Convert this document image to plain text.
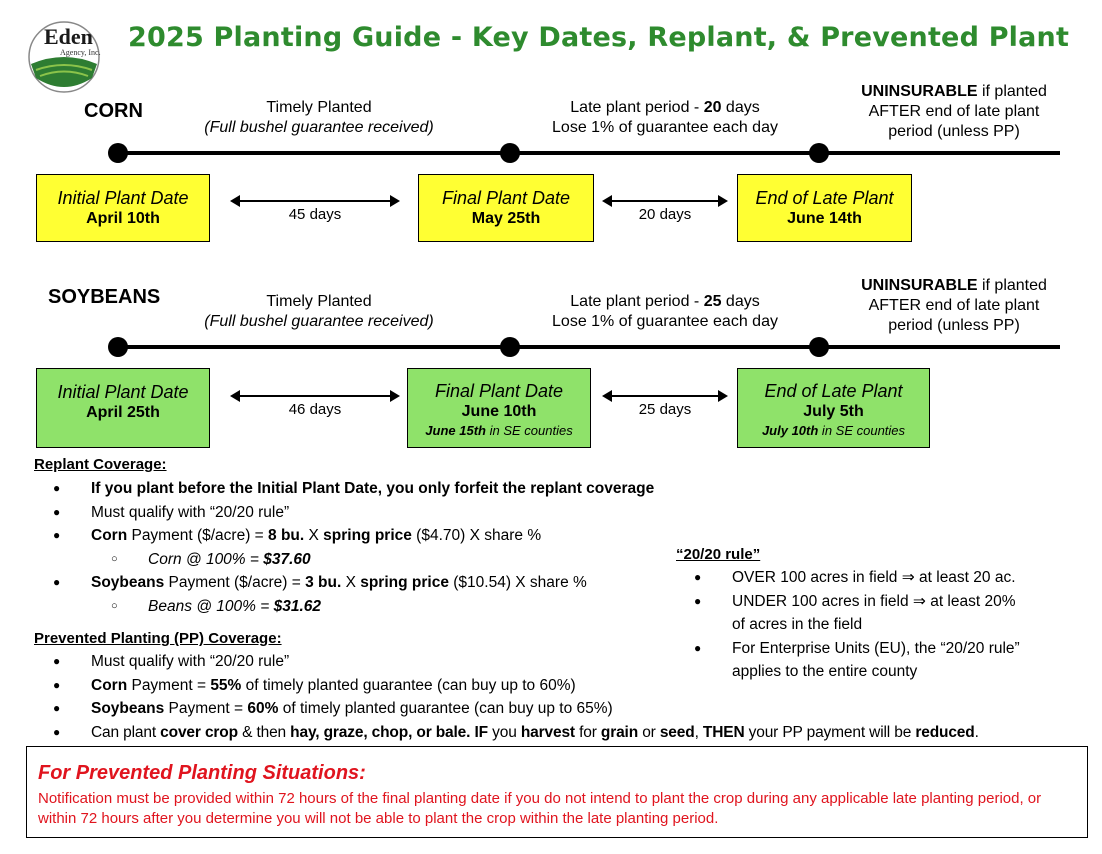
Eden
Agency, Inc. 2025 Planting Guide - Key Dates, Replant, & Prevented Plant
CORN	Timely Planted
(Full bushel guarantee received)
Late plant period - 20 days
Lose 1% of guarantee each day
UNINSURABLE if planted
AFTER end of late plant
period (unless PP)
Initial Plant Date
April 10th
Final Plant Date
May 25th
End of Late Plant
June 14th
45 days	20 days
SOYBEANS	Timely Planted
(Full bushel guarantee received)
Late plant period - 25 days
Lose 1% of guarantee each day
UNINSURABLE if planted
AFTER end of late plant
period (unless PP)
Initial Plant Date
April 25th
Final Plant Date
June 10th
June 15th in SE counties
End of Late Plant
July 5th
July 10th in SE counties
46 days	25 days
Replant Coverage:
● If you plant before the Initial Plant Date, you only forfeit the replant coverage
● Must qualify with “20/20 rule”
● Corn Payment ($/acre) = 8 bu. X spring price ($4.70) X share %
○ Corn @ 100% = $37.60
● Soybeans Payment ($/acre) = 3 bu. X spring price ($10.54) X share %
○ Beans @ 100% = $31.62
“20/20 rule”
● OVER 100 acres in field ⇒ at least 20 ac.
● UNDER 100 acres in field ⇒ at least 20%
of acres in the field
● For Enterprise Units (EU), the “20/20 rule”
applies to the entire county
Prevented Planting (PP) Coverage:
● Must qualify with “20/20 rule”
● Corn Payment = 55% of timely planted guarantee (can buy up to 60%)
● Soybeans Payment = 60% of timely planted guarantee (can buy up to 65%)
● Can plant cover crop & then hay, graze, chop, or bale. IF you harvest for grain or seed, THEN your PP payment will be reduced.
For Prevented Planting Situations:
Notification must be provided within 72 hours of the final planting date if you do not intend to plant the crop during any applicable late planting period, or within 72 hours after you determine you will not be able to plant the crop within the late planting period.
